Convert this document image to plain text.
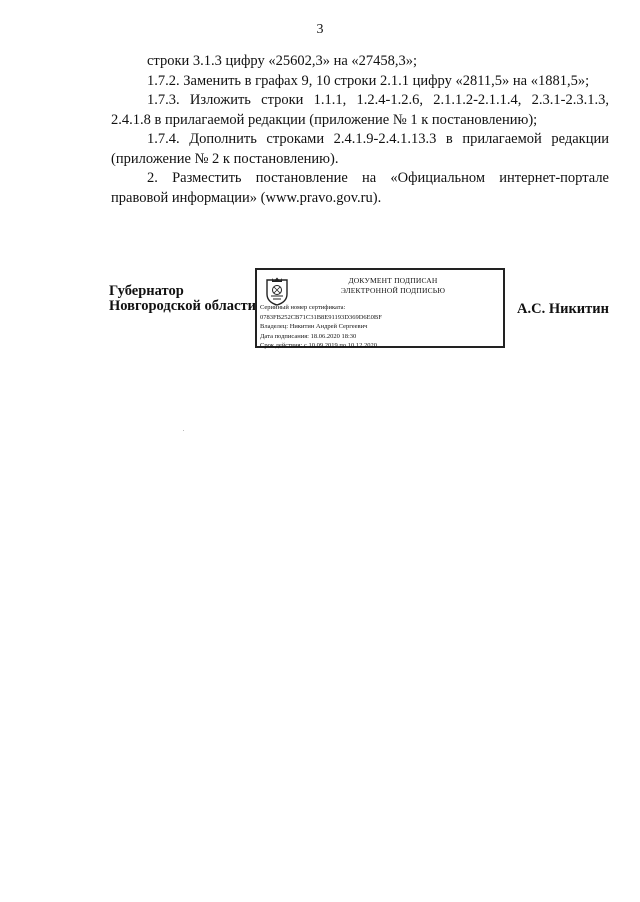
3

строки 3.1.3 цифру «25602,3» на «27458,3»;

1.7.2. Заменить в графах 9, 10 строки 2.1.1 цифру «2811,5» на «1881,5»;

1.7.3. Изложить строки 1.1.1, 1.2.4-1.2.6, 2.1.1.2-2.1.1.4, 2.3.1-2.3.1.3, 2.4.1.8 в прилагаемой редакции (приложение № 1 к постановлению);

1.7.4. Дополнить строками 2.4.1.9-2.4.1.13.3 в прилагаемой редакции (приложение № 2 к постановлению).

2. Разместить постановление на «Официальном интернет-портале правовой информации» (www.pravo.gov.ru).

Губернатор
Новгородской области
ДОКУМЕНТ ПОДПИСАН
ЭЛЕКТРОННОЙ ПОДПИСЬЮ
Серийный номер сертификата:
0783FB252CB71C31B8E91193D369D6E0BF
Владелец: Никитин Андрей Сергеевич
Дата подписания: 18.06.2020 18:30
Срок действия: с 10.09.2019 по 10.12.2020
А.С. Никитин
